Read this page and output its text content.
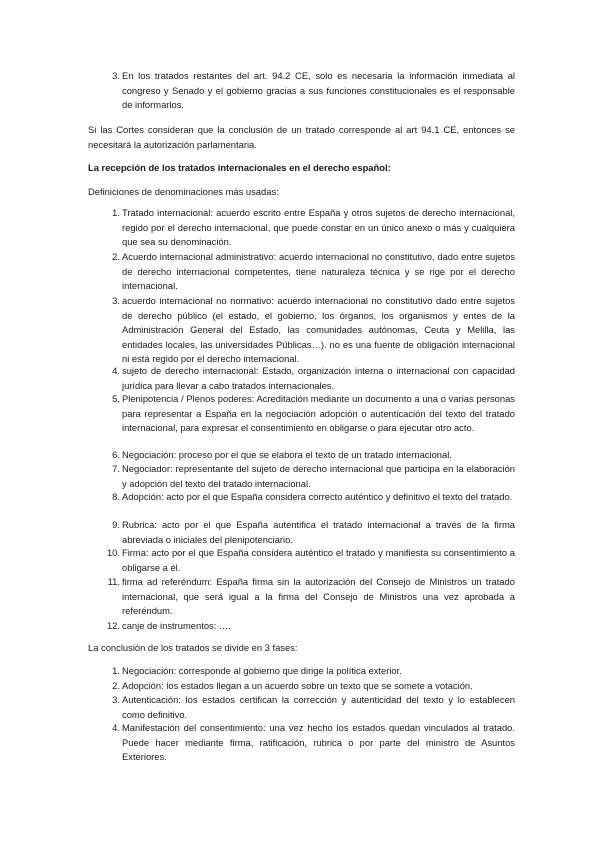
3. En los tratados restantes del art. 94.2 CE, solo es necesaria la información inmediata al congreso y Senado y el gobierno gracias a sus funciones constitucionales es el responsable de informarlos.
Si las Cortes consideran que la conclusión de un tratado corresponde al art 94.1 CE, entonces se necesitará la autorización parlamentaria.
La recepción de los tratados internacionales en el derecho español:
Definiciones de denominaciones más usadas:
1. Tratado internacional: acuerdo escrito entre España y otros sujetos de derecho internacional, regido por el derecho internacional, que puede constar en un único anexo o más y cualquiera que sea su denominación.
2. Acuerdo internacional administrativo: acuerdo internacional no constitutivo, dado entre sujetos de derecho internacional competentes, tiene naturaleza técnica y se rige por el derecho internacional.
3. acuerdo internacional no normativo: acuerdo internacional no constitutivo dado entre sujetos de derecho público (el estado, el gobierno, los órganos, los organismos y entes de la Administración General del Estado, las comunidades autónomas, Ceuta y Melilla, las entidades locales, las universidades Públicas…). no es una fuente de obligación internacional ni está regido por el derecho internacional.
4. sujeto de derecho internacional: Estado, organización interna o internacional con capacidad jurídica para llevar a cabo tratados internacionales.
5. Plenipotencia / Plenos poderes: Acreditación mediante un documento a una o varias personas para representar a España en la negociación adopción o autenticación del texto del tratado internacional, para expresar el consentimiento en obligarse o para ejecutar otro acto.
6. Negociación: proceso por el que se elabora el texto de un tratado internacional.
7. Negociador: representante del sujeto de derecho internacional que participa en la elaboración y adopción del texto del tratado internacional.
8. Adopción: acto por el que España considera correcto auténtico y definitivo el texto del tratado.
9. Rubrica: acto por el que España autentifica el tratado internacional a través de la firma abreviada o iniciales del plenipotenciario.
10. Firma: acto por el que España considera auténtico el tratado y manifiesta su consentimiento a obligarse a él.
11. firma ad referéndum: España firma sin la autorización del Consejo de Ministros un tratado internacional, que será igual a la firma del Consejo de Ministros una vez aprobada a referéndum.
12. canje de instrumentos: ….
La conclusión de los tratados se divide en 3 fases:
1. Negociación: corresponde al gobierno que dirige la política exterior.
2. Adopción: los estados llegan a un acuerdo sobre un texto que se somete a votación.
3. Autenticación: los estados certifican la corrección y autenticidad del texto y lo establecen como definitivo.
4. Manifestación del consentimiento: una vez hecho los estados quedan vinculados al tratado. Puede hacer mediante firma, ratificación, rubrica o por parte del ministro de Asuntos Exteriores.
